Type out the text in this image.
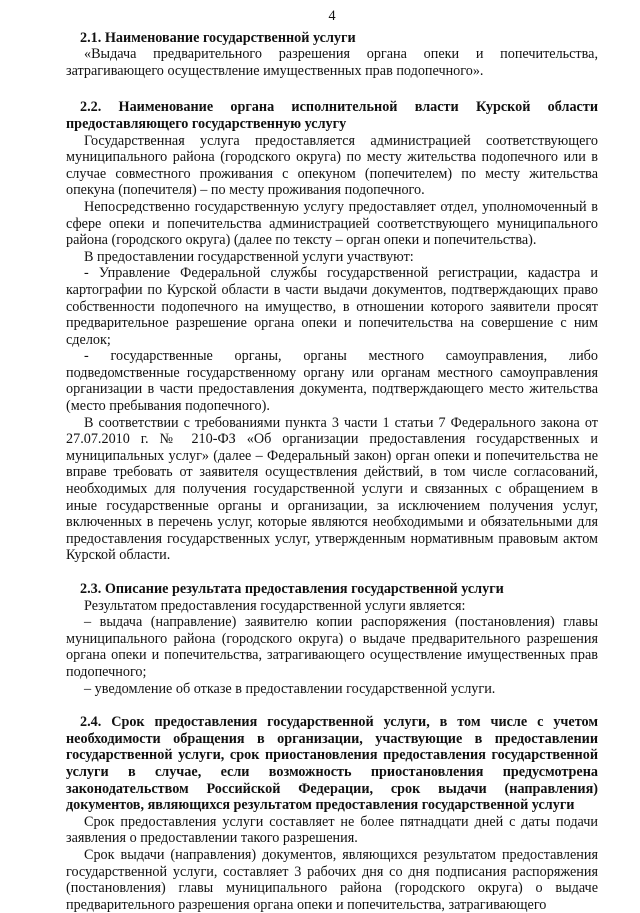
4

2.1. Наименование государственной услуги

«Выдача предварительного разрешения органа опеки и попечительства, затрагивающего осуществление имущественных прав подопечного».

2.2. Наименование органа исполнительной власти Курской области предоставляющего государственную услугу

Государственная услуга предоставляется администрацией соответствующего муниципального района (городского округа) по месту жительства подопечного или в случае совместного проживания с опекуном (попечителем) по месту жительства опекуна (попечителя) – по месту проживания подопечного.

Непосредственно государственную услугу предоставляет отдел, уполномоченный в сфере опеки и попечительства администрацией соответствующего муниципального района (городского округа) (далее по тексту – орган опеки и попечительства).

В предоставлении государственной услуги участвуют:

- Управление Федеральной службы государственной регистрации, кадастра и картографии по Курской области в части выдачи документов, подтверждающих право собственности подопечного на имущество, в отношении которого заявители просят предварительное разрешение органа опеки и попечительства на совершение с ним сделок;

- государственные органы, органы местного самоуправления, либо подведомственные государственному органу или органам местного самоуправления организации в части предоставления документа, подтверждающего место жительства (место пребывания подопечного).

В соответствии с требованиями пункта 3 части 1 статьи 7 Федерального закона от 27.07.2010 г. № 210-ФЗ «Об организации предоставления государственных и муниципальных услуг» (далее – Федеральный закон) орган опеки и попечительства не вправе требовать от заявителя осуществления действий, в том числе согласований, необходимых для получения государственной услуги и связанных с обращением в иные государственные органы и организации, за исключением получения услуг, включенных в перечень услуг, которые являются необходимыми и обязательными для предоставления государственных услуг, утвержденным нормативным правовым актом Курской области.

2.3. Описание результата предоставления государственной услуги

Результатом предоставления государственной услуги является:

– выдача (направление) заявителю копии распоряжения (постановления) главы муниципального района (городского округа) о выдаче предварительного разрешения органа опеки и попечительства, затрагивающего осуществление имущественных прав подопечного;

– уведомление об отказе в предоставлении государственной услуги.

2.4. Срок предоставления государственной услуги, в том числе с учетом необходимости обращения в организации, участвующие в предоставлении государственной услуги, срок приостановления предоставления государственной услуги в случае, если возможность приостановления предусмотрена законодательством Российской Федерации, срок выдачи (направления) документов, являющихся результатом предоставления государственной услуги

Срок предоставления услуги составляет не более пятнадцати дней с даты подачи заявления о предоставлении такого разрешения.

Срок выдачи (направления) документов, являющихся результатом предоставления государственной услуги, составляет 3 рабочих дня со дня подписания распоряжения (постановления) главы муниципального района (городского округа) о выдаче предварительного разрешения органа опеки и попечительства, затрагивающего
